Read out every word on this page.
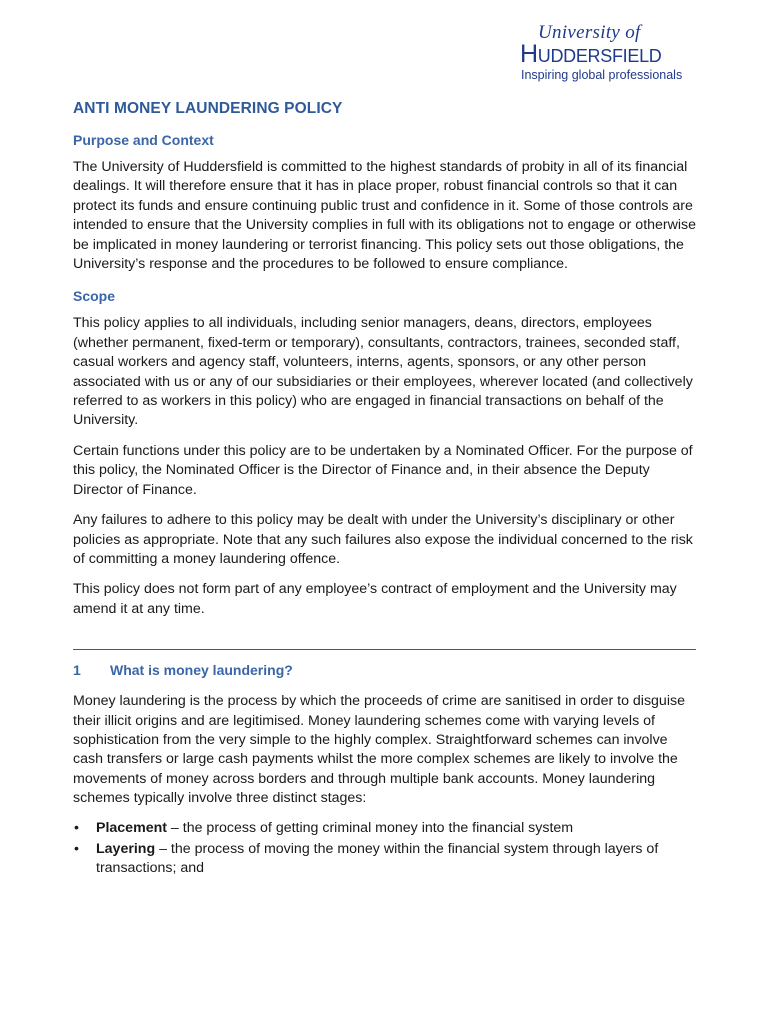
University of
Huddersfield
Inspiring global professionals
ANTI MONEY LAUNDERING POLICY
Purpose and Context

The University of Huddersfield is committed to the highest standards of probity in all of its financial dealings. It will therefore ensure that it has in place proper, robust financial controls so that it can protect its funds and ensure continuing public trust and confidence in it. Some of those controls are intended to ensure that the University complies in full with its obligations not to engage or otherwise be implicated in money laundering or terrorist financing. This policy sets out those obligations, the University’s response and the procedures to be followed to ensure compliance.

Scope

This policy applies to all individuals, including senior managers, deans, directors, employees (whether permanent, fixed-term or temporary), consultants, contractors, trainees, seconded staff, casual workers and agency staff, volunteers, interns, agents, sponsors, or any other person associated with us or any of our subsidiaries or their employees, wherever located (and collectively referred to as workers in this policy) who are engaged in financial transactions on behalf of the University.

Certain functions under this policy are to be undertaken by a Nominated Officer. For the purpose of this policy, the Nominated Officer is the Director of Finance and, in their absence the Deputy Director of Finance.

Any failures to adhere to this policy may be dealt with under the University’s disciplinary or other policies as appropriate. Note that any such failures also expose the individual concerned to the risk of committing a money laundering offence.

This policy does not form part of any employee’s contract of employment and the University may amend it at any time.

1 What is money laundering?

Money laundering is the process by which the proceeds of crime are sanitised in order to disguise their illicit origins and are legitimised. Money laundering schemes come with varying levels of sophistication from the very simple to the highly complex. Straightforward schemes can involve cash transfers or large cash payments whilst the more complex schemes are likely to involve the movements of money across borders and through multiple bank accounts. Money laundering schemes typically involve three distinct stages:

• Placement – the process of getting criminal money into the financial system
• Layering – the process of moving the money within the financial system through layers of transactions; and
